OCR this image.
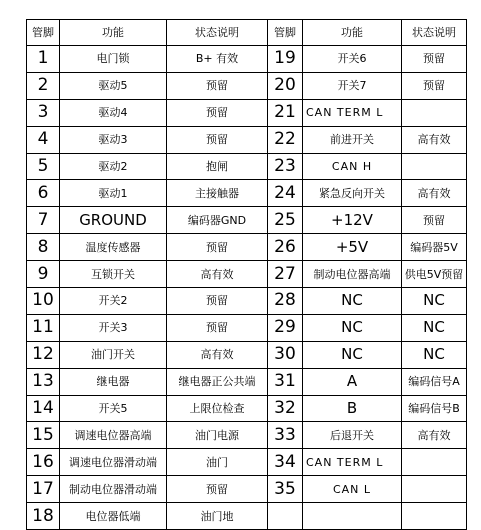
管脚	功能	状态说明	管脚	功能	状态说明
1	电门锁	B+ 有效	19	开关6	预留
2	驱动5	预留	20	开关7	预留
3	驱动4	预留	21	CAN TERM L	
4	驱动3	预留	22	前进开关	高有效
5	驱动2	抱闸	23	CAN H	
6	驱动1	主接触器	24	紧急反向开关	高有效
7	GROUND	编码器GND	25	+12V	预留
8	温度传感器	预留	26	+5V	编码器5V
9	互锁开关	高有效	27	制动电位器高端	供电5V预留
10	开关2	预留	28	NC	NC
11	开关3	预留	29	NC	NC
12	油门开关	高有效	30	NC	NC
13	继电器	继电器正公共端	31	A	编码信号A
14	开关5	上限位检查	32	B	编码信号B
15	调速电位器高端	油门电源	33	后退开关	高有效
16	调速电位器滑动端	油门	34	CAN TERM L	
17	制动电位器滑动端	预留	35	CAN L	
18	电位器低端	油门地			
